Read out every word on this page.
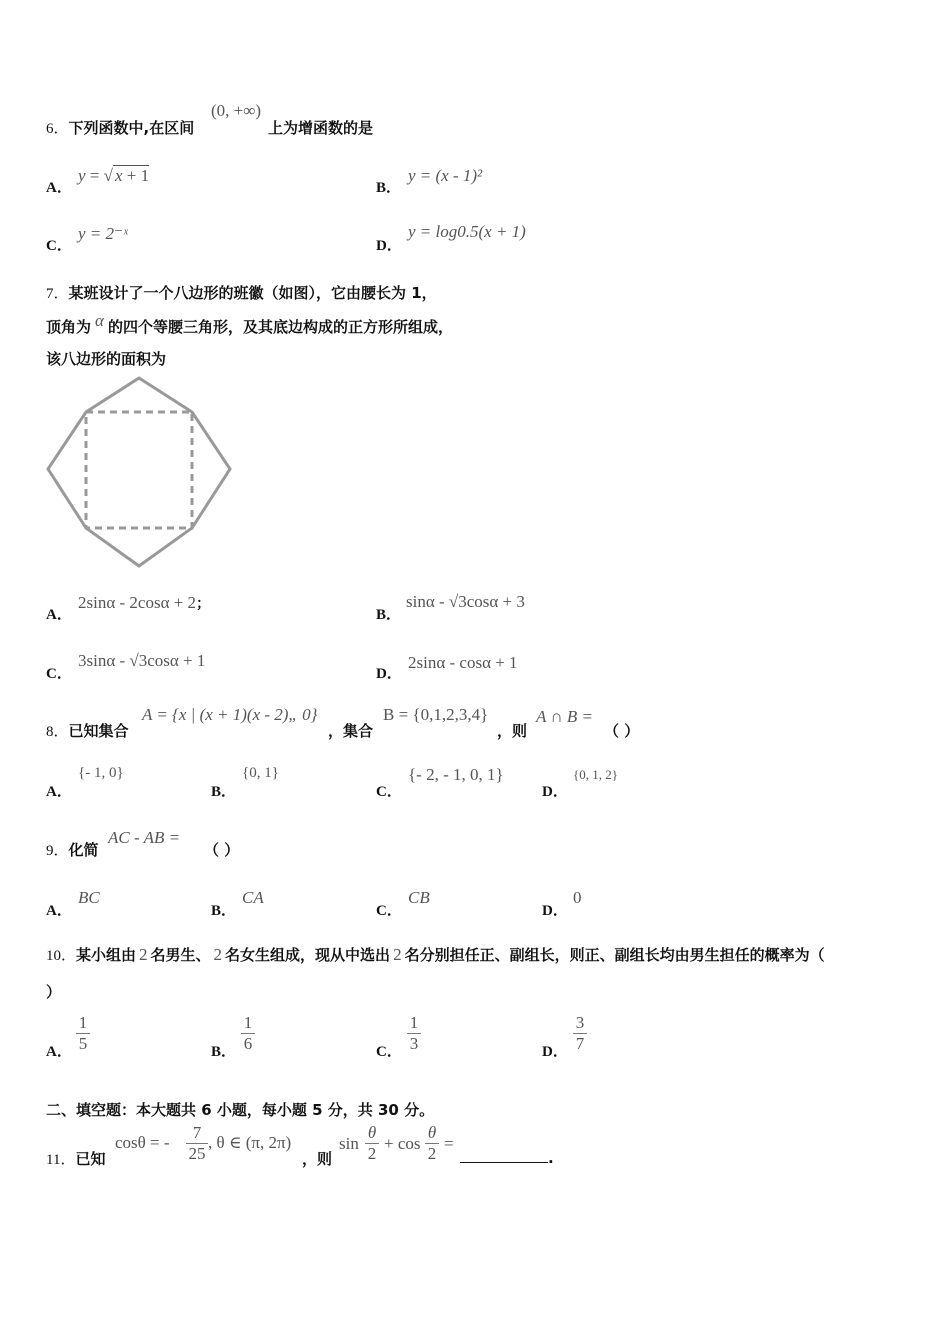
6．下列函数中,在区间
(0, +∞)
上为增函数的是
A．
y = √ x + 1
B．
y = (x - 1)²
C．
y = 2⁻ˣ
D．
y = log0.5(x + 1)
7．某班设计了一个八边形的班徽（如图），它由腰长为 1，
顶角为 α 的四个等腰三角形，及其底边构成的正方形所组成，
该八边形的面积为
A．
2sinα - 2cosα + 2；
B．
sinα - √3cosα + 3
C．
3sinα - √3cosα + 1
D．
2sinα - cosα + 1
8．已知集合
A = {x | (x + 1)(x - 2)„ 0}
，集合
B = {0,1,2,3,4}
，则
A ∩ B =
（ ）
A．
{- 1, 0}
B．
{0, 1}
C．
{- 2, - 1, 0, 1}
D．
{0, 1, 2}
9．化简
AC - AB =
（ ）
A．
BC
B．
CA
C．
CB
D．
0
10．某小组由 2 名男生、 2 名女生组成，现从中选出 2 名分别担任正、副组长，则正、副组长均由男生担任的概率为（
）
A．
1
5	B．
1
6	C．
1
3	D．
3
7
二、填空题：本大题共 6 小题，每小题 5 分，共 30 分。
11．已知
cosθ = -
7
25
, θ ∈ (π, 2π)
，则
sin
θ
2
+ cos
θ
2
=
.
